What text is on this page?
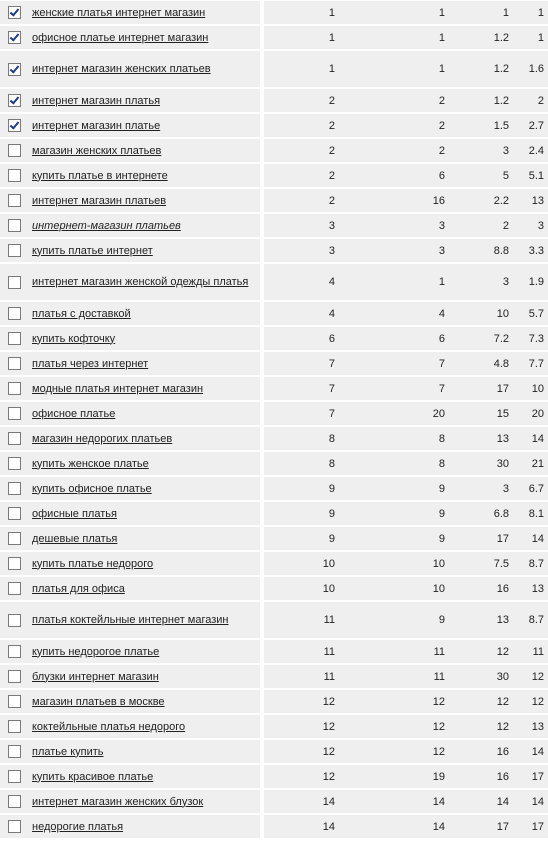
	женские платья интернет магазин		1	1	1	1
	офисное платье интернет магазин		1	1	1.2	1
	интернет магазин женских платьев		1	1	1.2	1.6
	интернет магазин платья		2	2	1.2	2
	интернет магазин платье		2	2	1.5	2.7
	магазин женских платьев		2	2	3	2.4
	купить платье в интернете		2	6	5	5.1
	интернет магазин платьев		2	16	2.2	13
	интернет-магазин платьев		3	3	2	3
	купить платье интернет		3	3	8.8	3.3
	интернет магазин женской одежды платья		4	1	3	1.9
	платья с доставкой		4	4	10	5.7
	купить кофточку		6	6	7.2	7.3
	платья через интернет		7	7	4.8	7.7
	модные платья интернет магазин		7	7	17	10
	офисное платье		7	20	15	20
	магазин недорогих платьев		8	8	13	14
	купить женское платье		8	8	30	21
	купить офисное платье		9	9	3	6.7
	офисные платья		9	9	6.8	8.1
	дешевые платья		9	9	17	14
	купить платье недорого		10	10	7.5	8.7
	платья для офиса		10	10	16	13
	платья коктейльные интернет магазин		11	9	13	8.7
	купить недорогое платье		11	11	12	11
	блузки интернет магазин		11	11	30	12
	магазин платьев в москве		12	12	12	12
	коктейльные платья недорого		12	12	12	13
	платье купить		12	12	16	14
	купить красивое платье		12	19	16	17
	интернет магазин женских блузок		14	14	14	14
	недорогие платья		14	14	17	17
